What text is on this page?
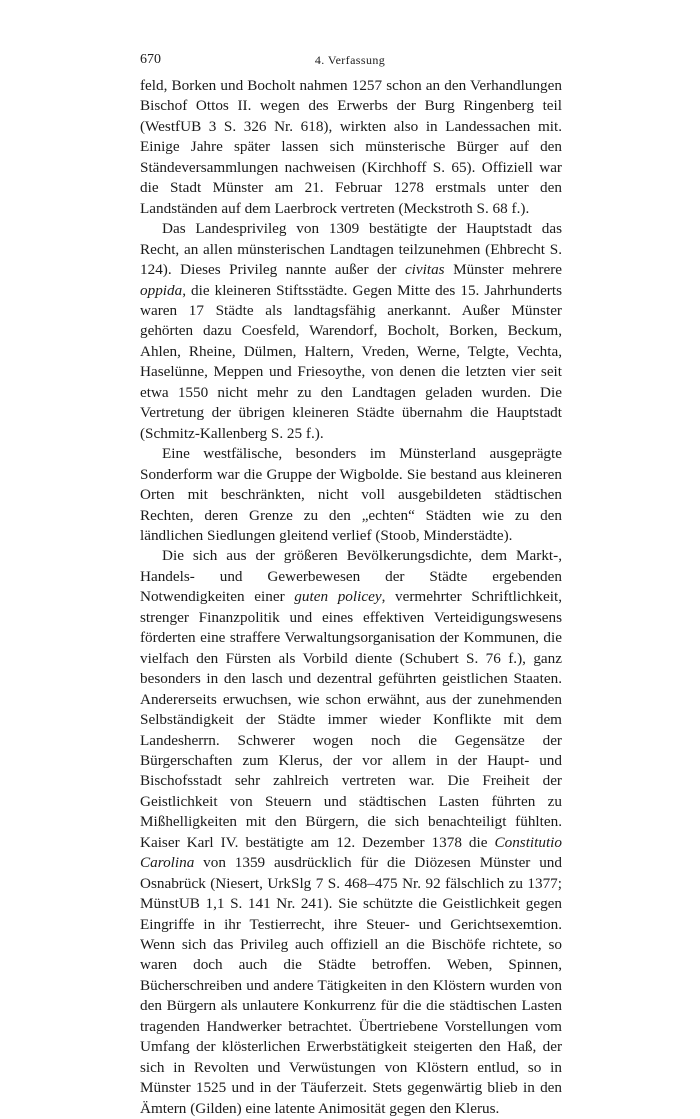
670	4. Verfassung

feld, Borken und Bocholt nahmen 1257 schon an den Verhandlungen Bischof Ottos II. wegen des Erwerbs der Burg Ringenberg teil (WestfUB 3 S. 326 Nr. 618), wirkten also in Landessachen mit. Einige Jahre später lassen sich münsterische Bürger auf den Ständeversammlungen nachweisen (Kirchhoff S. 65). Offiziell war die Stadt Münster am 21. Februar 1278 erstmals unter den Landständen auf dem Laerbrock vertreten (Meckstroth S. 68 f.).

Das Landesprivileg von 1309 bestätigte der Hauptstadt das Recht, an allen münsterischen Landtagen teilzunehmen (Ehbrecht S. 124). Dieses Privileg nannte außer der civitas Münster mehrere oppida, die kleineren Stiftsstädte. Gegen Mitte des 15. Jahrhunderts waren 17 Städte als landtagsfähig anerkannt. Außer Münster gehörten dazu Coesfeld, Warendorf, Bocholt, Borken, Beckum, Ahlen, Rheine, Dülmen, Haltern, Vreden, Werne, Telgte, Vechta, Haselünne, Meppen und Friesoythe, von denen die letzten vier seit etwa 1550 nicht mehr zu den Landtagen geladen wurden. Die Vertretung der übrigen kleineren Städte übernahm die Hauptstadt (Schmitz-Kallenberg S. 25 f.).

Eine westfälische, besonders im Münsterland ausgeprägte Sonderform war die Gruppe der Wigbolde. Sie bestand aus kleineren Orten mit beschränkten, nicht voll ausgebildeten städtischen Rechten, deren Grenze zu den „echten“ Städten wie zu den ländlichen Siedlungen gleitend verlief (Stoob, Minderstädte).

Die sich aus der größeren Bevölkerungsdichte, dem Markt-, Handels- und Gewerbewesen der Städte ergebenden Notwendigkeiten einer guten policey, vermehrter Schriftlichkeit, strenger Finanzpolitik und eines effektiven Verteidigungswesens förderten eine straffere Verwaltungsorganisation der Kommunen, die vielfach den Fürsten als Vorbild diente (Schubert S. 76 f.), ganz besonders in den lasch und dezentral geführten geistlichen Staaten. Andererseits erwuchsen, wie schon erwähnt, aus der zunehmenden Selbständigkeit der Städte immer wieder Konflikte mit dem Landesherrn. Schwerer wogen noch die Gegensätze der Bürgerschaften zum Klerus, der vor allem in der Haupt- und Bischofsstadt sehr zahlreich vertreten war. Die Freiheit der Geistlichkeit von Steuern und städtischen Lasten führten zu Mißhelligkeiten mit den Bürgern, die sich benachteiligt fühlten. Kaiser Karl IV. bestätigte am 12. Dezember 1378 die Constitutio Carolina von 1359 ausdrücklich für die Diözesen Münster und Osnabrück (Niesert, UrkSlg 7 S. 468–475 Nr. 92 fälschlich zu 1377; MünstUB 1,1 S. 141 Nr. 241). Sie schützte die Geistlichkeit gegen Eingriffe in ihr Testierrecht, ihre Steuer- und Gerichtsexemtion. Wenn sich das Privileg auch offiziell an die Bischöfe richtete, so waren doch auch die Städte betroffen. Weben, Spinnen, Bücherschreiben und andere Tätigkeiten in den Klöstern wurden von den Bürgern als unlautere Konkurrenz für die die städtischen Lasten tragenden Handwerker betrachtet. Übertriebene Vorstellungen vom Umfang der klösterlichen Erwerbstätigkeit steigerten den Haß, der sich in Revolten und Verwüstungen von Klöstern entlud, so in Münster 1525 und in der Täuferzeit. Stets gegenwärtig blieb in den Ämtern (Gilden) eine latente Animosität gegen den Klerus.
